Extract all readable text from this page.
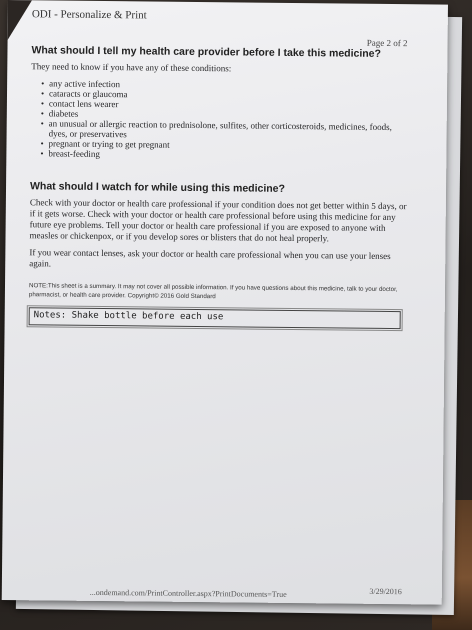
ODI - Personalize & Print
Page 2 of 2
What should I tell my health care provider before I take this medicine?

They need to know if you have any of these conditions:

• any active infection
• cataracts or glaucoma
• contact lens wearer
• diabetes
• an unusual or allergic reaction to prednisolone, sulfites, other corticosteroids, medicines, foods, dyes, or preservatives
• pregnant or trying to get pregnant
• breast-feeding
What should I watch for while using this medicine?

Check with your doctor or health care professional if your condition does not get better within 5 days, or if it gets worse. Check with your doctor or health care professional before using this medicine for any future eye problems. Tell your doctor or health care professional if you are exposed to anyone with measles or chickenpox, or if you develop sores or blisters that do not heal properly.

If you wear contact lenses, ask your doctor or health care professional when you can use your lenses again.

NOTE:This sheet is a summary. It may not cover all possible information. If you have questions about this medicine, talk to your doctor, pharmacist, or health care provider. Copyright© 2016 Gold Standard
Notes: Shake bottle before each use
...ondemand.com/PrintController.aspx?PrintDocuments=True	3/29/2016
